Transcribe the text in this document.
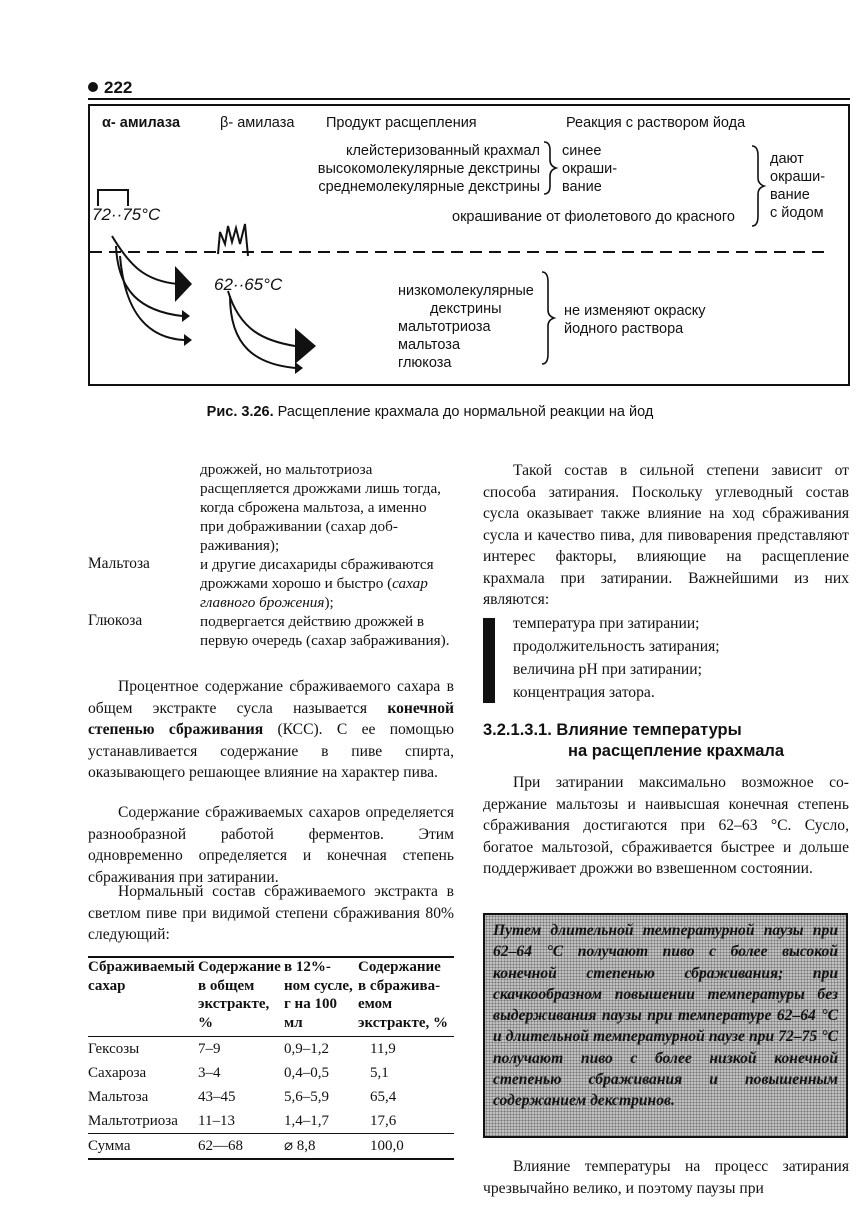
222
α- амилаза	β- амилаза Продукт расщепления	Реакция с раствором йода
72··75°C
62··65°C
клейстеризованный крахмал
высокомолекулярные декстрины
среднемолекулярные декстрины
синее
окраши-
вание
окрашивание от фиолетового до красного
дают
окраши-
вание
с йодом
низкомолекулярные
декстрины
мальтотриоза
мальтоза
глюкоза
не изменяют окраску
йодного раствора
Рис. 3.26. Расщепление крахмала до нормальной реакции на йод
дрожжей, но мальтотриоза расщепляется дрожжами лишь тогда, когда сброжена мальтоза, а именно при дображивании (сахар дображивания);
Мальтоза	и другие дисахариды сбраживаются дрожжами хорошо и быстро (сахар главного брожения);
Глюкоза	подвергается действию дрожжей в первую очередь (сахар забраживания).
Процентное содержание сбраживаемого сахара в общем экстракте сусла называется конечной степенью сбраживания (КСС). С ее помощью устанавливается содержание в пиве спирта, оказывающего решающее влияние на характер пива.
Содержание сбраживаемых сахаров определяется разнообразной работой ферментов. Этим одновременно определяется и конечная степень сбраживания при затирании.
Нормальный состав сбраживаемого экстракта в светлом пиве при видимой степени сбраживания 80% следующий:
Сбраживаемый сахар	Содержание в общем экстракте, %	в 12%-ном сусле, г на 100 мл	Содержание в сбраживаемом экстракте, %
Гексозы	7–9	0,9–1,2	11,9
Сахароза	3–4	0,4–0,5	5,1
Мальтоза	43–45	5,6–5,9	65,4
Мальтотриоза	11–13	1,4–1,7	17,6
Сумма	62—68	⌀ 8,8	100,0
Такой состав в сильной степени зависит от способа затирания. Поскольку углеводный состав сусла оказывает также влияние на ход сбраживания сусла и качество пива, для пивоварения представляют интерес факторы, влияющие на расщепление крахмала при затирании. Важнейшими из них являются:
температура при затирании;
продолжительность затирания;
величина pH при затирании;
концентрация затора.
3.2.1.3.1. Влияние температуры
на расщепление крахмала
При затирании максимально возможное содержание мальтозы и наивысшая конечная степень сбраживания достигаются при 62–63 °С. Сусло, богатое мальтозой, сбраживается быстрее и дольше поддерживает дрожжи во взвешенном состоянии.

Путем длительной температурной паузы при 62–64 °С получают пиво с более высокой конечной степенью сбраживания; при скачкообразном повышении температуры без выдерживания паузы при температуре 62–64 °С и длительной температурной паузе при 72–75 °С получают пиво с более низкой конечной степенью сбраживания и повышенным содержанием декстринов.

Влияние температуры на процесс затирания чрезвычайно велико, и поэтому паузы при
